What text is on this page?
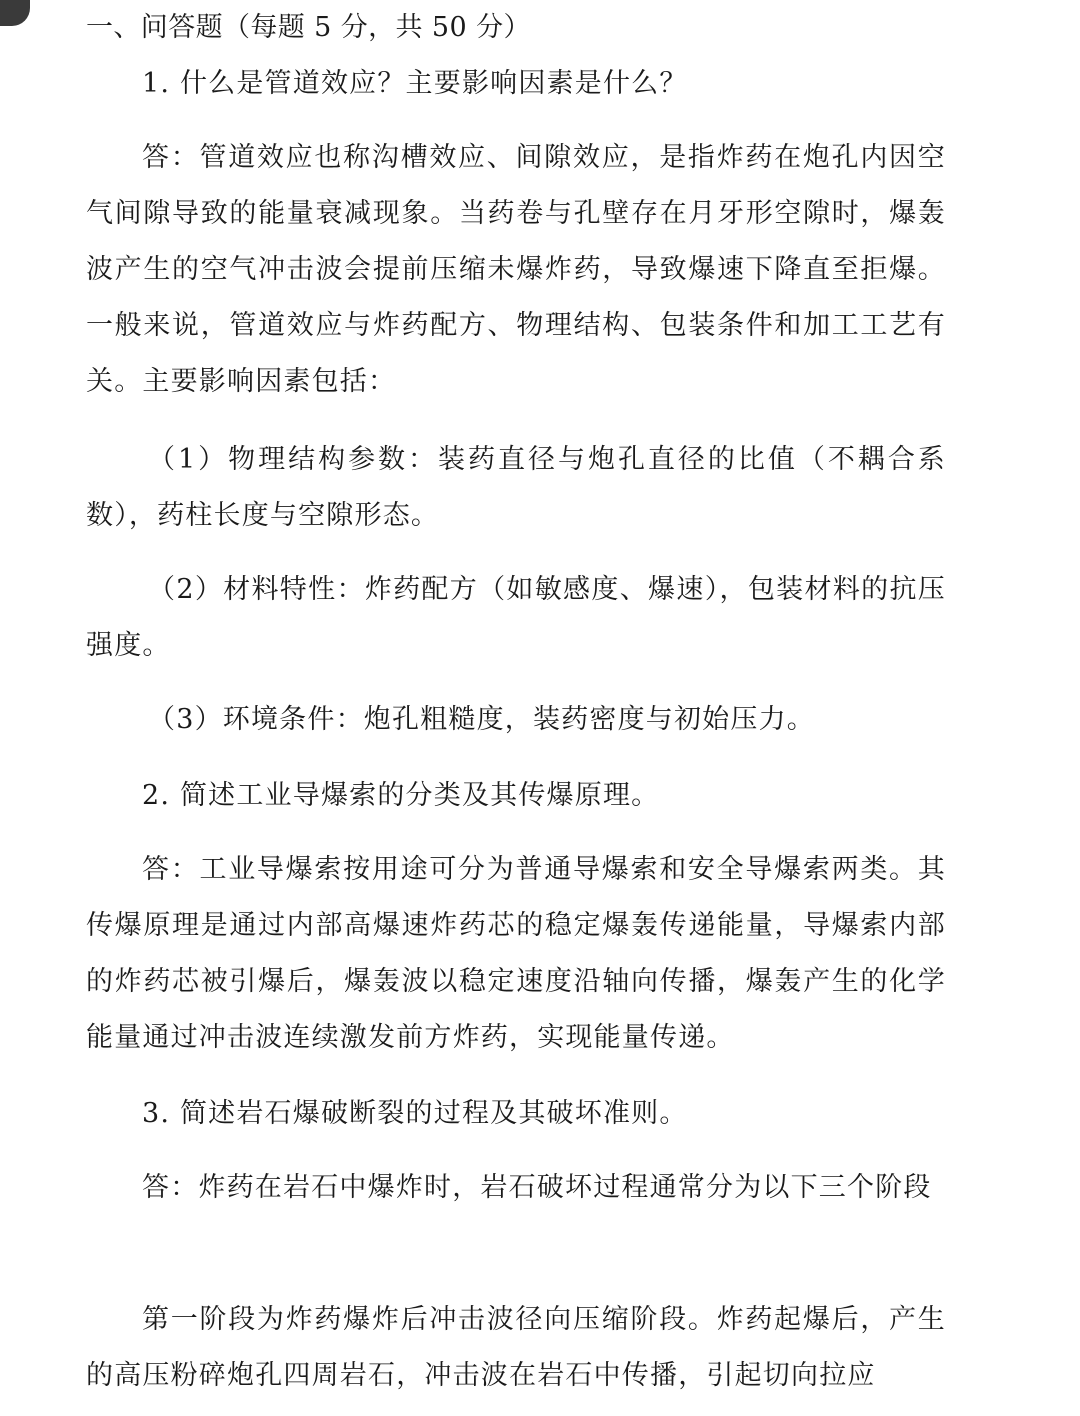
一、问答题（每题 5 分，共 50 分）

1. 什么是管道效应？主要影响因素是什么？

答：管道效应也称沟槽效应、间隙效应，是指炸药在炮孔内因空气间隙导致的能量衰减现象。当药卷与孔壁存在月牙形空隙时，爆轰波产生的空气冲击波会提前压缩未爆炸药，导致爆速下降直至拒爆。一般来说，管道效应与炸药配方、物理结构、包装条件和加工工艺有关。主要影响因素包括：

（1）物理结构参数：装药直径与炮孔直径的比值（不耦合系数），药柱长度与空隙形态。

（2）材料特性：炸药配方（如敏感度、爆速），包装材料的抗压强度。

（3）环境条件：炮孔粗糙度，装药密度与初始压力。

2. 简述工业导爆索的分类及其传爆原理。

答：工业导爆索按用途可分为普通导爆索和安全导爆索两类。其传爆原理是通过内部高爆速炸药芯的稳定爆轰传递能量，导爆索内部的炸药芯被引爆后，爆轰波以稳定速度沿轴向传播，爆轰产生的化学能量通过冲击波连续激发前方炸药，实现能量传递。

3. 简述岩石爆破断裂的过程及其破坏准则。

答：炸药在岩石中爆炸时，岩石破坏过程通常分为以下三个阶段

第一阶段为炸药爆炸后冲击波径向压缩阶段。炸药起爆后，产生的高压粉碎炮孔四周岩石，冲击波在岩石中传播，引起切向拉应
